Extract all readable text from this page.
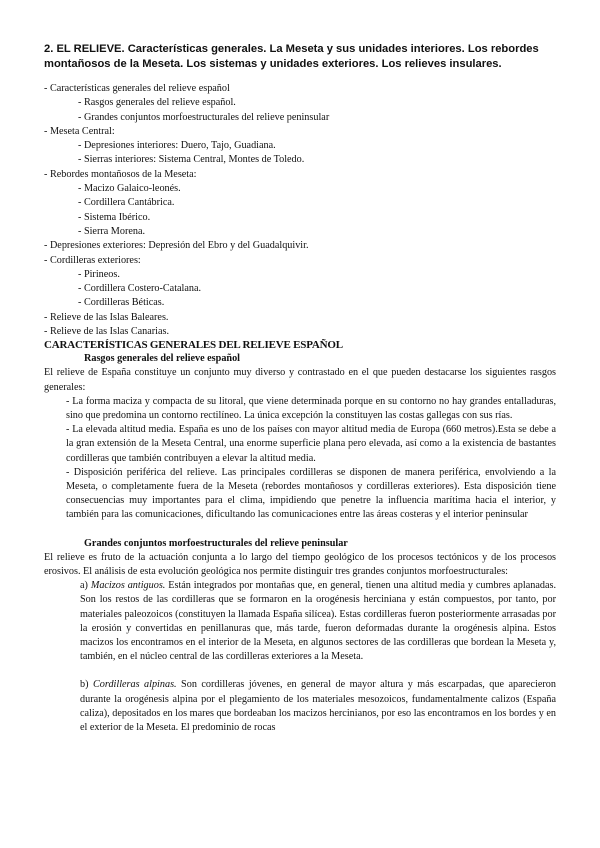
2. EL RELIEVE. Características generales. La Meseta y sus unidades interiores. Los rebordes montañosos de la Meseta. Los sistemas y unidades exteriores. Los relieves insulares.

- Características generales del relieve español
- Rasgos generales del relieve español.
- Grandes conjuntos morfoestructurales del relieve peninsular
- Meseta Central:
- Depresiones interiores: Duero, Tajo, Guadiana.
- Sierras interiores: Sistema Central, Montes de Toledo.
- Rebordes montañosos de la Meseta:
- Macizo Galaico-leonés.
- Cordillera Cantábrica.
- Sistema Ibérico.
- Sierra Morena.
- Depresiones exteriores: Depresión del Ebro y del Guadalquivir.
- Cordilleras exteriores:
- Pirineos.
- Cordillera Costero-Catalana.
- Cordilleras Béticas.
- Relieve de las Islas Baleares.
- Relieve de las Islas Canarias.
CARACTERÍSTICAS GENERALES DEL RELIEVE ESPAÑOL
Rasgos generales del relieve español
El relieve de España constituye un conjunto muy diverso y contrastado en el que pueden destacarse los siguientes rasgos generales:
- La forma maciza y compacta de su litoral, que viene determinada porque en su contorno no hay grandes entalladuras, sino que predomina un contorno rectilíneo. La única excepción la constituyen las costas gallegas con sus rías.
- La elevada altitud media. España es uno de los países con mayor altitud media de Europa (660 metros).Esta se debe a la gran extensión de la Meseta Central, una enorme superficie plana pero elevada, así como a la existencia de bastantes cordilleras que también contribuyen a elevar la altitud media.
- Disposición periférica del relieve. Las principales cordilleras se disponen de manera periférica, envolviendo a la Meseta, o completamente fuera de la Meseta (rebordes montañosos y cordilleras exteriores). Esta disposición tiene consecuencias muy importantes para el clima, impidiendo que penetre la influencia marítima hacia el interior, y también para las comunicaciones, dificultando las comunicaciones entre las áreas costeras y el interior peninsular
Grandes conjuntos morfoestructurales del relieve peninsular
El relieve es fruto de la actuación conjunta a lo largo del tiempo geológico de los procesos tectónicos y de los procesos erosivos. El análisis de esta evolución geológica nos permite distinguir tres grandes conjuntos morfoestructurales:
a) Macizos antiguos. Están integrados por montañas que, en general, tienen una altitud media y cumbres aplanadas. Son los restos de las cordilleras que se formaron en la orogénesis herciniana y están compuestos, por tanto, por materiales paleozoicos (constituyen la llamada España silícea). Estas cordilleras fueron posteriormente arrasadas por la erosión y convertidas en penillanuras que, más tarde, fueron deformadas durante la orogénesis alpina. Estos macizos los encontramos en el interior de la Meseta, en algunos sectores de las cordilleras que bordean la Meseta y, también, en el núcleo central de las cordilleras exteriores a la Meseta.
b) Cordilleras alpinas. Son cordilleras jóvenes, en general de mayor altura y más escarpadas, que aparecieron durante la orogénesis alpina por el plegamiento de los materiales mesozoicos, fundamentalmente calizos (España caliza), depositados en los mares que bordeaban los macizos hercinianos, por eso las encontramos en los bordes y en el exterior de la Meseta. El predominio de rocas
